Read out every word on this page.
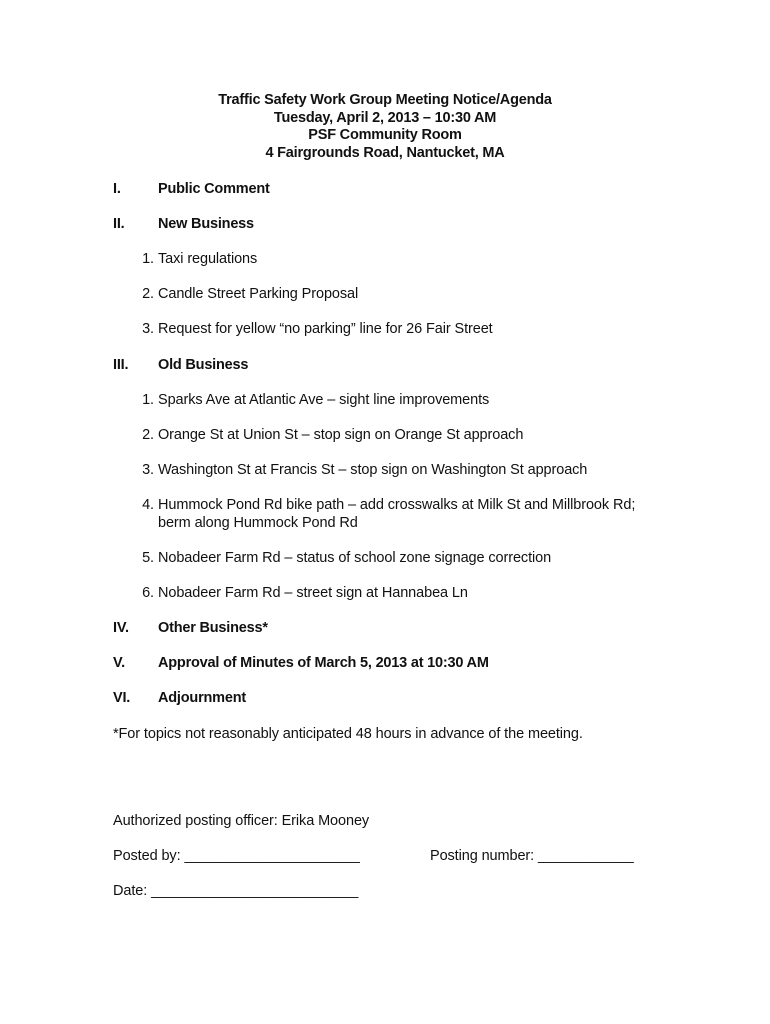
Traffic Safety Work Group Meeting Notice/Agenda
Tuesday, April 2, 2013 – 10:30 AM
PSF Community Room
4 Fairgrounds Road, Nantucket, MA
I.	Public Comment
II.	New Business
1. Taxi regulations
2. Candle Street Parking Proposal
3. Request for yellow “no parking” line for 26 Fair Street
III.	Old Business
1. Sparks Ave at Atlantic Ave – sight line improvements
2. Orange St at Union St – stop sign on Orange St approach
3. Washington St at Francis St – stop sign on Washington St approach
4. Hummock Pond Rd bike path – add crosswalks at Milk St and Millbrook Rd; berm along Hummock Pond Rd
5. Nobadeer Farm Rd – status of school zone signage correction
6. Nobadeer Farm Rd – street sign at Hannabea Ln
IV.	Other Business*
V.	Approval of Minutes of March 5, 2013 at 10:30 AM
VI.	Adjournment
*For topics not reasonably anticipated 48 hours in advance of the meeting.
Authorized posting officer: Erika Mooney
Posted by: ______________________	Posting number: ____________
Date: __________________________
